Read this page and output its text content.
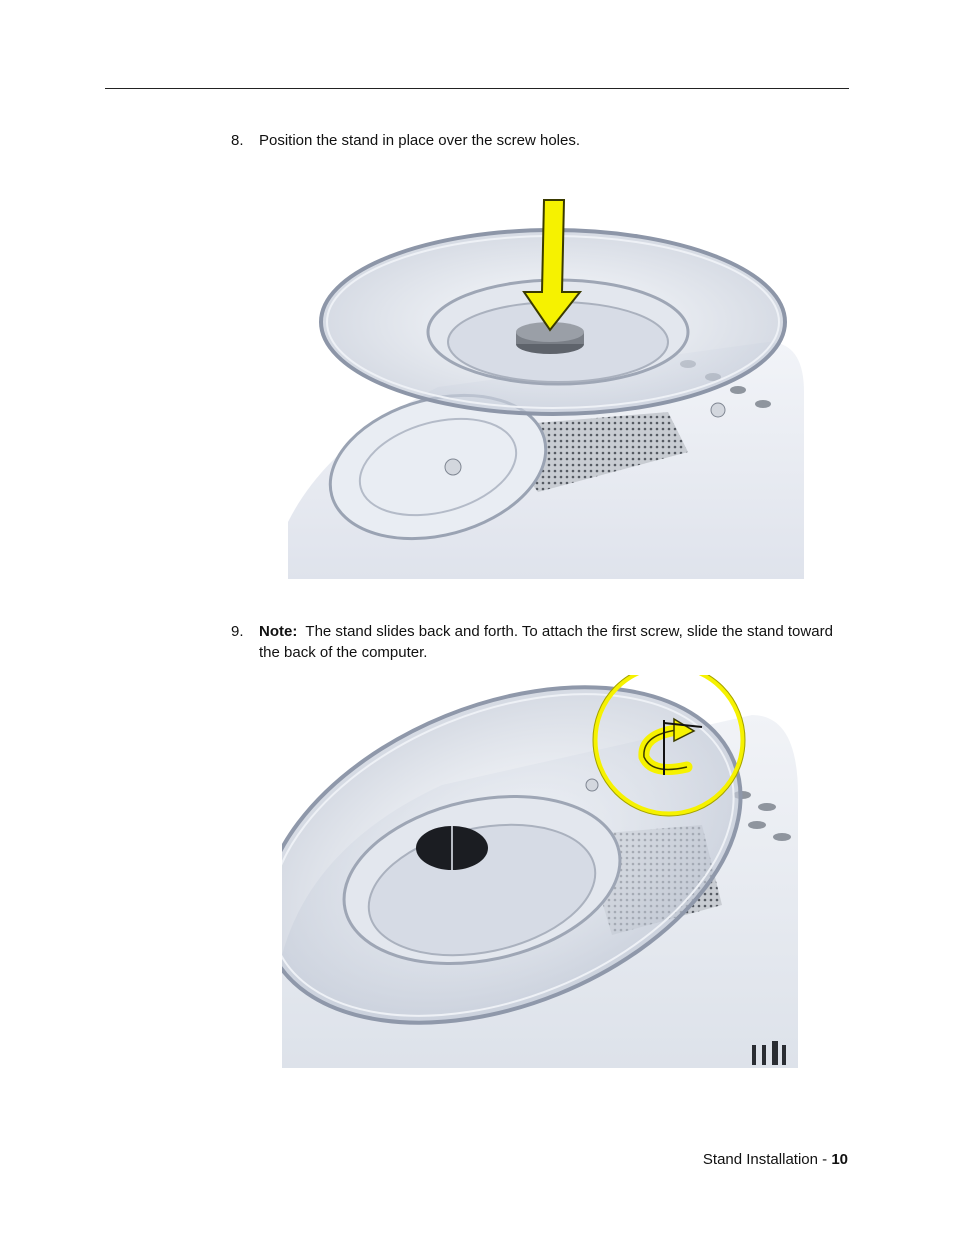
8. Position the stand in place over the screw holes.
9. Note: The stand slides back and forth. To attach the first screw, slide the stand toward the back of the computer.
Stand Installation - 10
